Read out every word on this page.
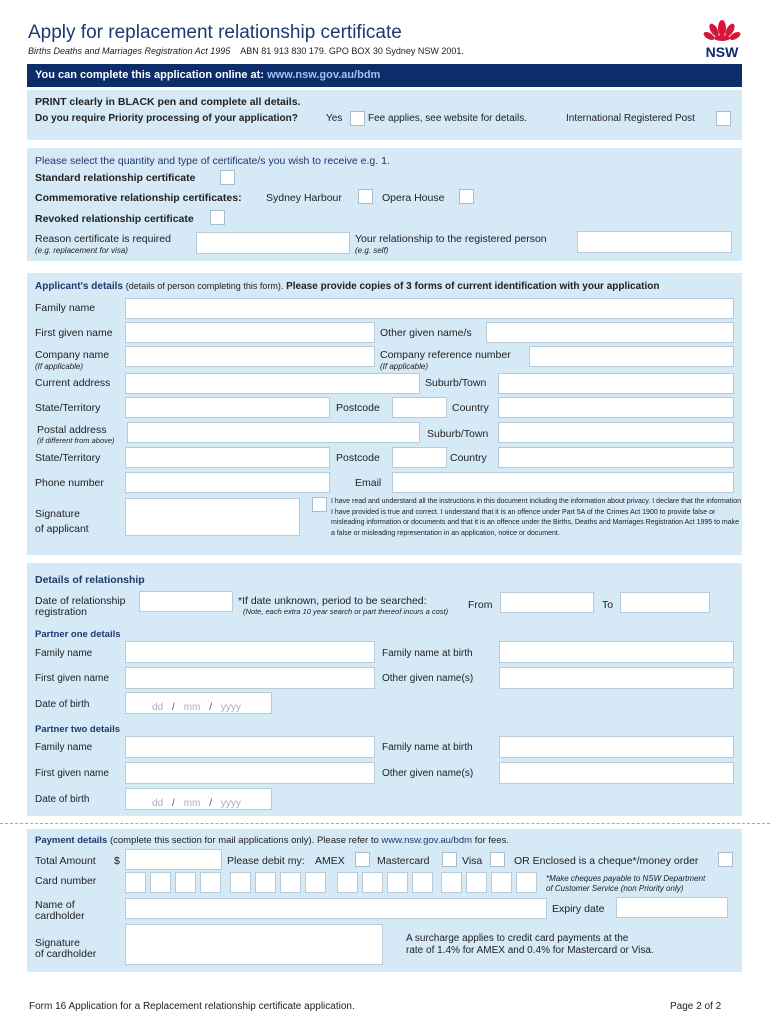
Apply for replacement relationship certificate
Births Deaths and Marriages Registration Act 1995 ABN 81 913 830 179. GPO BOX 30 Sydney NSW 2001.	NSW
You can complete this application online at: www.nsw.gov.au/bdm
PRINT clearly in BLACK pen and complete all details.
Do you require Priority processing of your application?	Yes	Fee applies, see website for details.	International Registered Post
Please select the quantity and type of certificate/s you wish to receive e.g. 1.
Standard relationship certificate
Commemorative relationship certificates: Sydney Harbour	Opera House
Revoked relationship certificate
Reason certificate is required
(e.g. replacement for visa)
Your relationship to the registered person
(e.g. self)
Applicant's details (details of person completing this form). Please provide copies of 3 forms of current identification with your application
Family name
First given name	Other given name/s
Company name
(If applicable)
Company reference number
(If applicable)
Current address	Suburb/Town
State/Territory	Postcode	Country
Postal address
(if different from above)
Suburb/Town
State/Territory	Postcode	Country
Phone number	Email
Signature
of applicant
I have read and understand all the instructions in this document including the information about privacy. I declare that the information I have provided is true and correct. I understand that it is an offence under Part 5A of the Crimes Act 1900 to provide false or misleading information or documents and that it is an offence under the Births, Deaths and Marriages Registration Act 1995 to make a false or misleading representation in an application, notice or document.
Details of relationship
Date of relationship
registration
*If date unknown, period to be searched:
(Note, each extra 10 year search or part thereof incurs a cost)
From	To
Partner one details
Family name	Family name at birth
First given name	Other given name(s)
Date of birth	dd / mm / yyyy
Partner two details
Family name	Family name at birth
First given name	Other given name(s)
Date of birth	dd / mm / yyyy
Payment details (complete this section for mail applications only). Please refer to www.nsw.gov.au/bdm for fees.
Total Amount $	Please debit my: AMEX	Mastercard	Visa	OR Enclosed is a cheque*/money order
Card number	*Make cheques payable to NSW Department
of Customer Service (non Priority only)
Name of
cardholder
Expiry date
Signature
of cardholder
A surcharge applies to credit card payments at the
rate of 1.4% for AMEX and 0.4% for Mastercard or Visa.
Form 16 Application for a Replacement relationship certificate application.	Page 2 of 2
